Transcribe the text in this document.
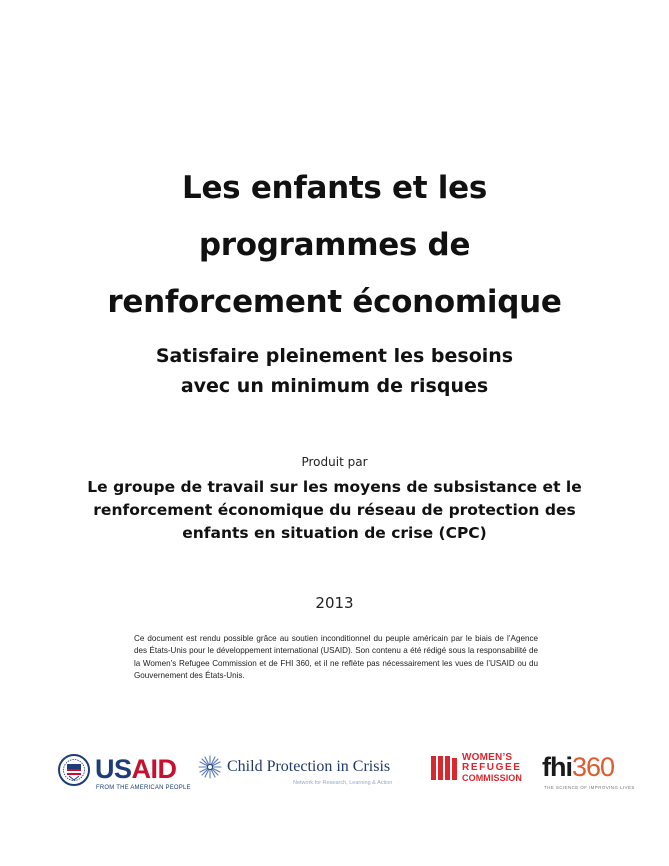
Les enfants et les
programmes de
renforcement économique
Satisfaire pleinement les besoins
avec un minimum de risques
Produit par
Le groupe de travail sur les moyens de subsistance et le
renforcement économique du réseau de protection des
enfants en situation de crise (CPC)
2013
Ce document est rendu possible grâce au soutien inconditionnel du peuple américain par le biais de l’Agence des États-Unis pour le développement international (USAID). Son contenu a été rédigé sous la responsabilité de la Women’s Refugee Commission et de FHI 360, et il ne reflète pas nécessairement les vues de l’USAID ou du Gouvernement des États-Unis.
USAID
FROM THE AMERICAN PEOPLE
Child Protection in Crisis
Network for Research, Learning & Action
WOMEN’S
REFUGEE
COMMISSION fhi360
THE SCIENCE OF IMPROVING LIVES
